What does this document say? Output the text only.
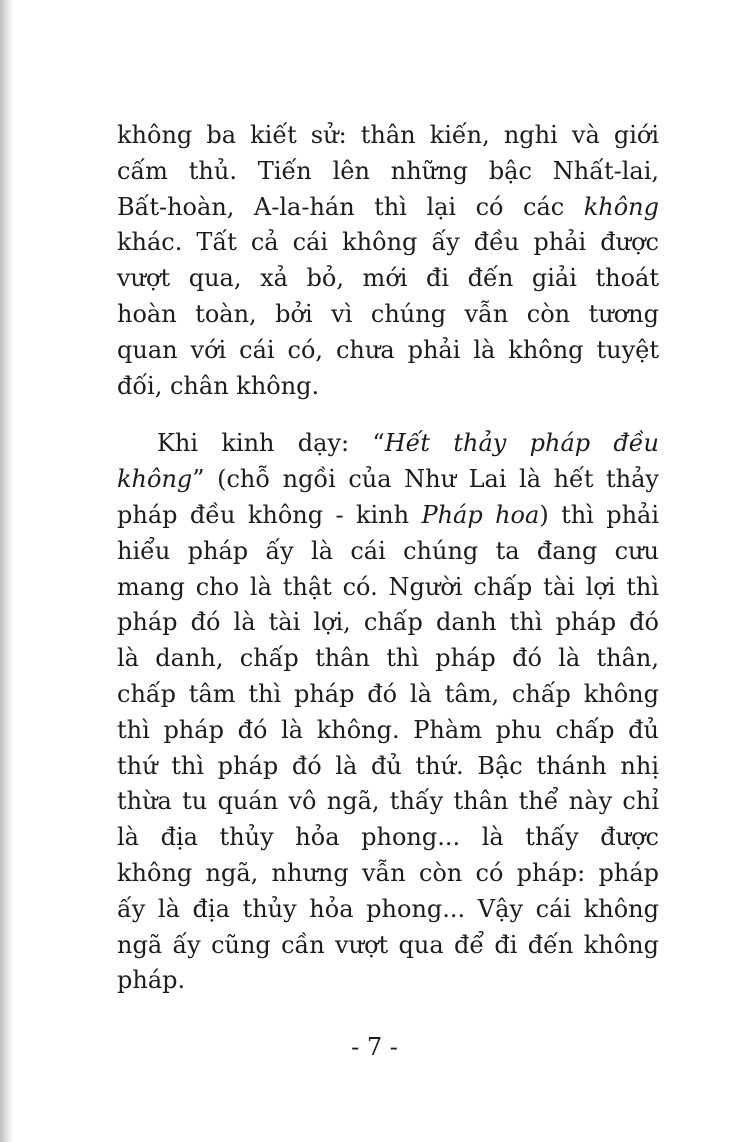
không ba kiết sử: thân kiến, nghi và giới

cấm thủ. Tiến lên những bậc Nhất-lai,

Bất-hoàn, A-la-hán thì lại có các không

khác. Tất cả cái không ấy đều phải được

vượt qua, xả bỏ, mới đi đến giải thoát

hoàn toàn, bởi vì chúng vẫn còn tương

quan với cái có, chưa phải là không tuyệt

đối, chân không.

Khi kinh dạy: “Hết thảy pháp đều

không” (chỗ ngồi của Như Lai là hết thảy

pháp đều không - kinh Pháp hoa) thì phải

hiểu pháp ấy là cái chúng ta đang cưu

mang cho là thật có. Người chấp tài lợi thì

pháp đó là tài lợi, chấp danh thì pháp đó

là danh, chấp thân thì pháp đó là thân,

chấp tâm thì pháp đó là tâm, chấp không

thì pháp đó là không. Phàm phu chấp đủ

thứ thì pháp đó là đủ thứ. Bậc thánh nhị

thừa tu quán vô ngã, thấy thân thể này chỉ

là địa thủy hỏa phong... là thấy được

không ngã, nhưng vẫn còn có pháp: pháp

ấy là địa thủy hỏa phong... Vậy cái không

ngã ấy cũng cần vượt qua để đi đến không

pháp.

- 7 -
